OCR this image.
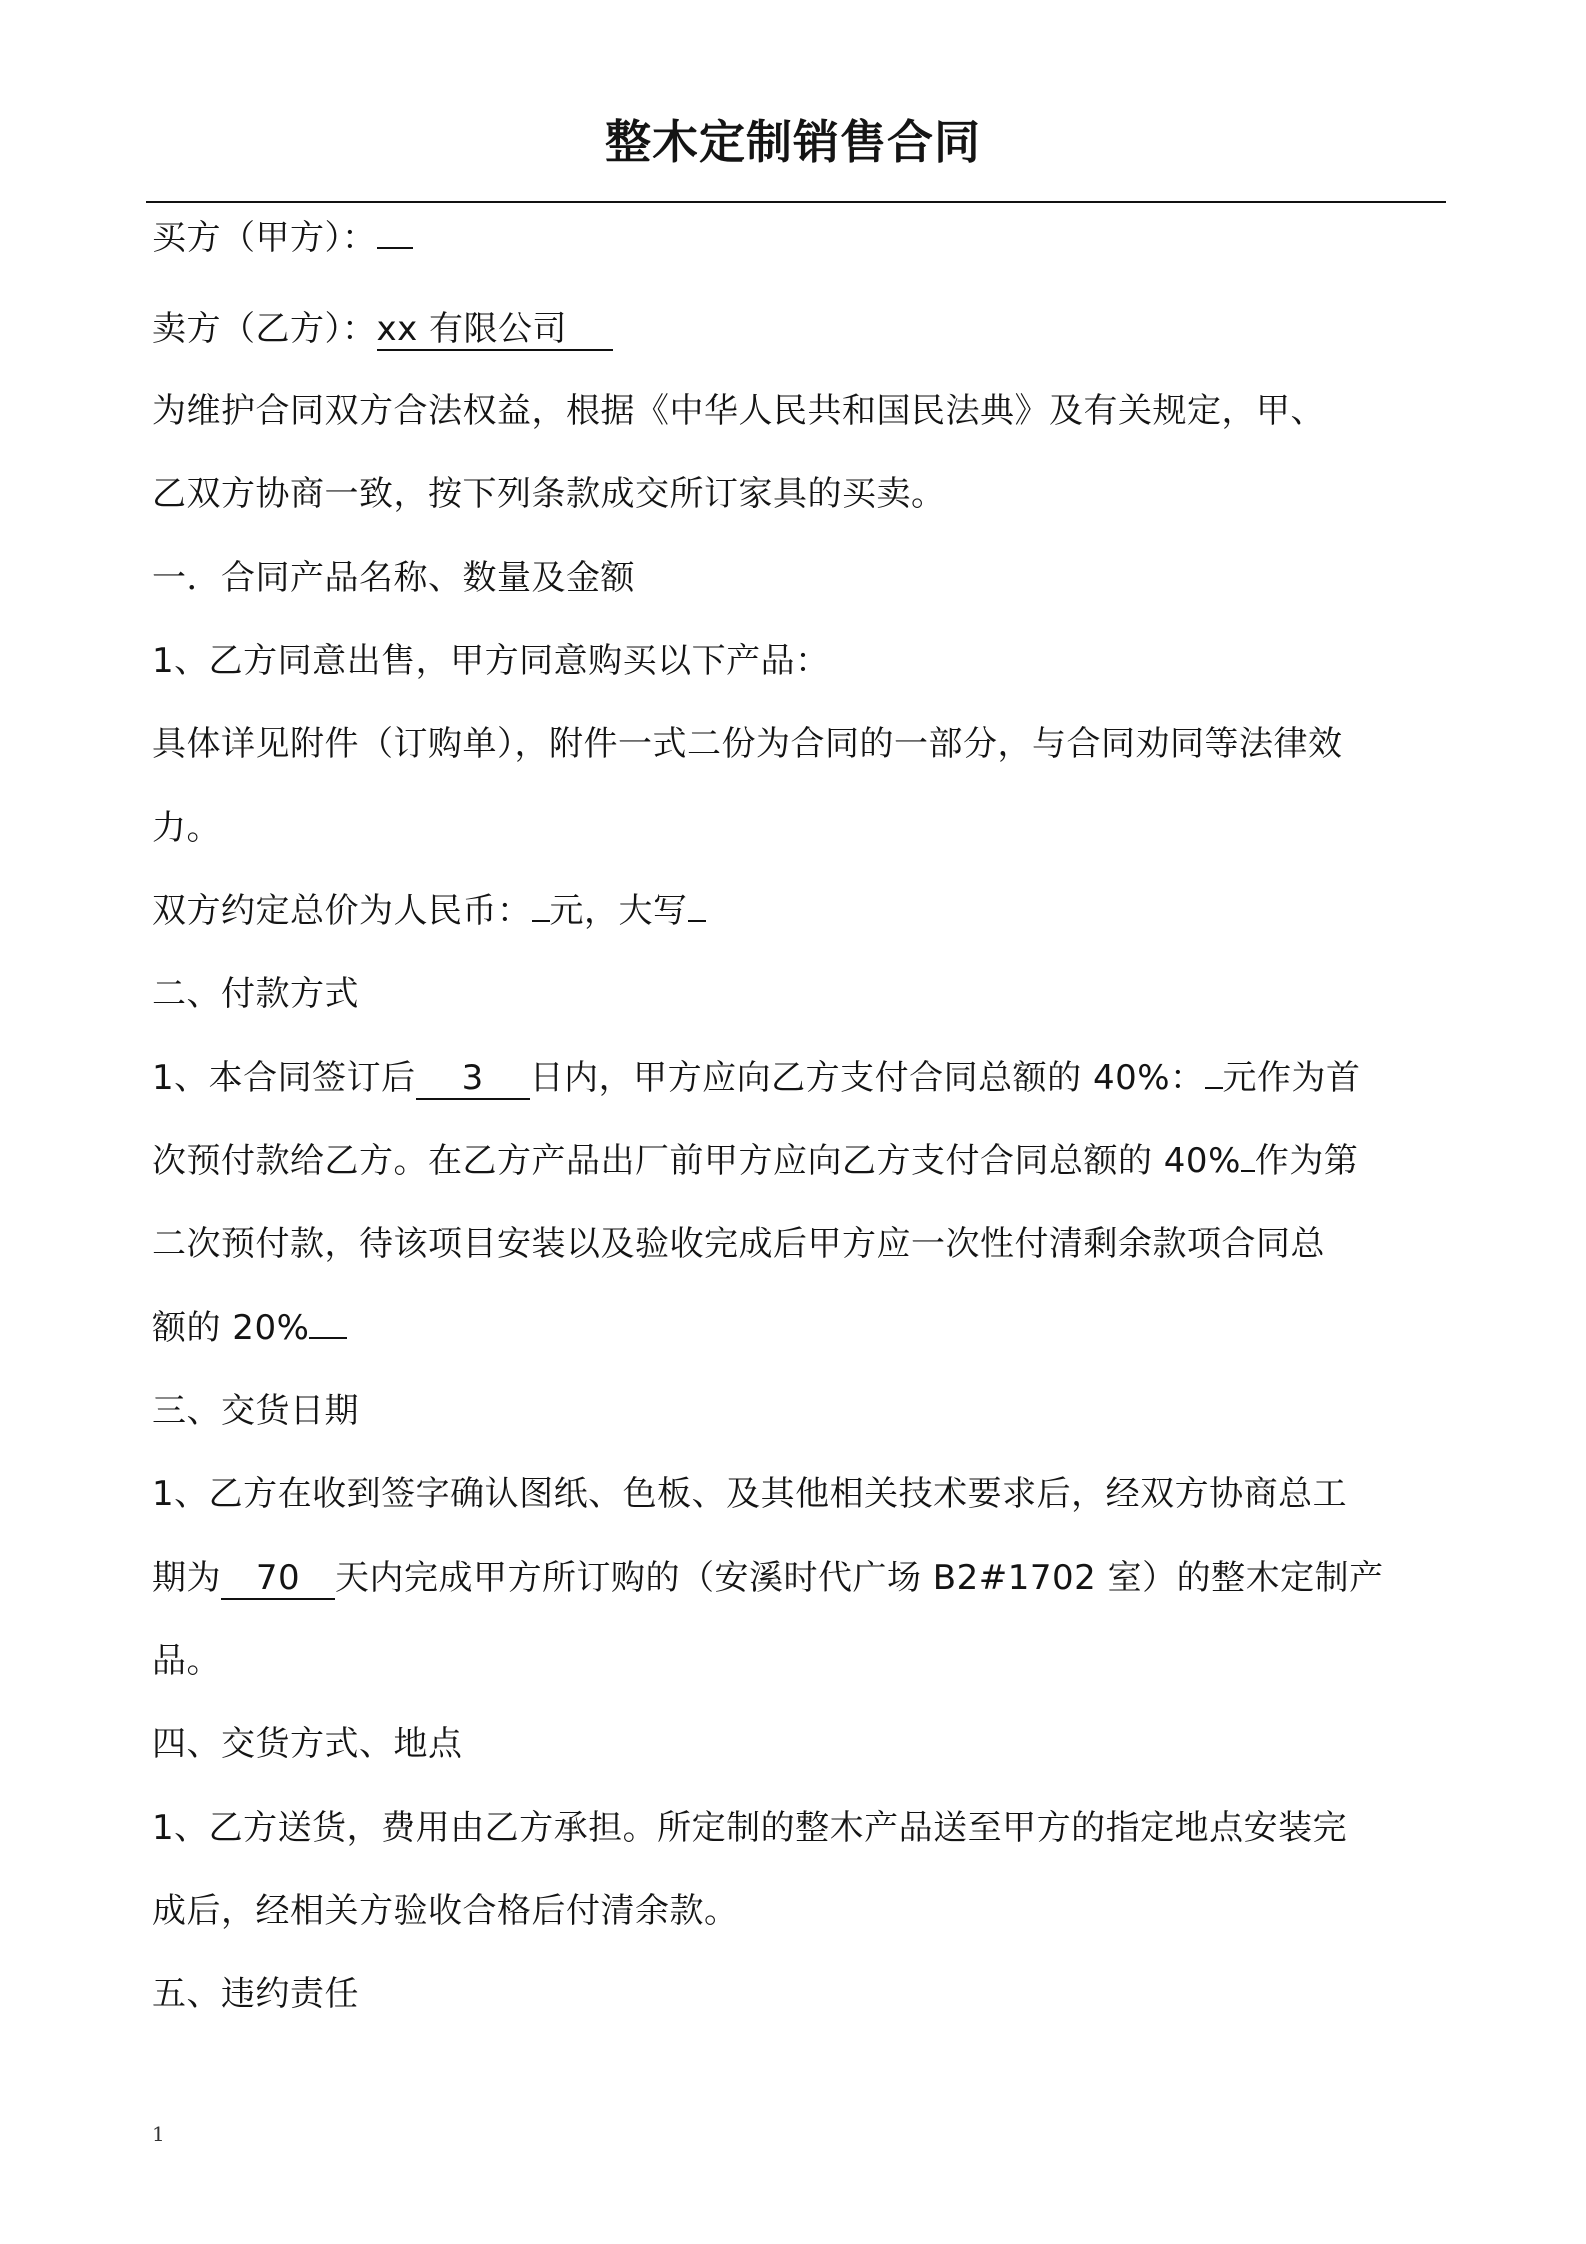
整木定制销售合同
买方（甲方）：
卖方（乙方）：xx 有限公司
为维护合同双方合法权益，根据《中华人民共和国民法典》及有关规定，甲、
乙双方协商一致，按下列条款成交所订家具的买卖。
一．合同产品名称、数量及金额
1、乙方同意出售，甲方同意购买以下产品：
具体详见附件（订购单），附件一式二份为合同的一部分，与合同劝同等法律效
力。
双方约定总价为人民币： 元，大写
二、付款方式
1、本合同签订后 3 日内，甲方应向乙方支付合同总额的 40%： 元作为首
次预付款给乙方。在乙方产品出厂前甲方应向乙方支付合同总额的 40% 作为第
二次预付款，待该项目安装以及验收完成后甲方应一次性付清剩余款项合同总
额的 20%
三、交货日期
1、乙方在收到签字确认图纸、色板、及其他相关技术要求后，经双方协商总工
期为 70 天内完成甲方所订购的（安溪时代广场 B2#1702 室）的整木定制产
品。
四、交货方式、地点
1、乙方送货，费用由乙方承担。所定制的整木产品送至甲方的指定地点安装完
成后，经相关方验收合格后付清余款。
五、违约责任
1
